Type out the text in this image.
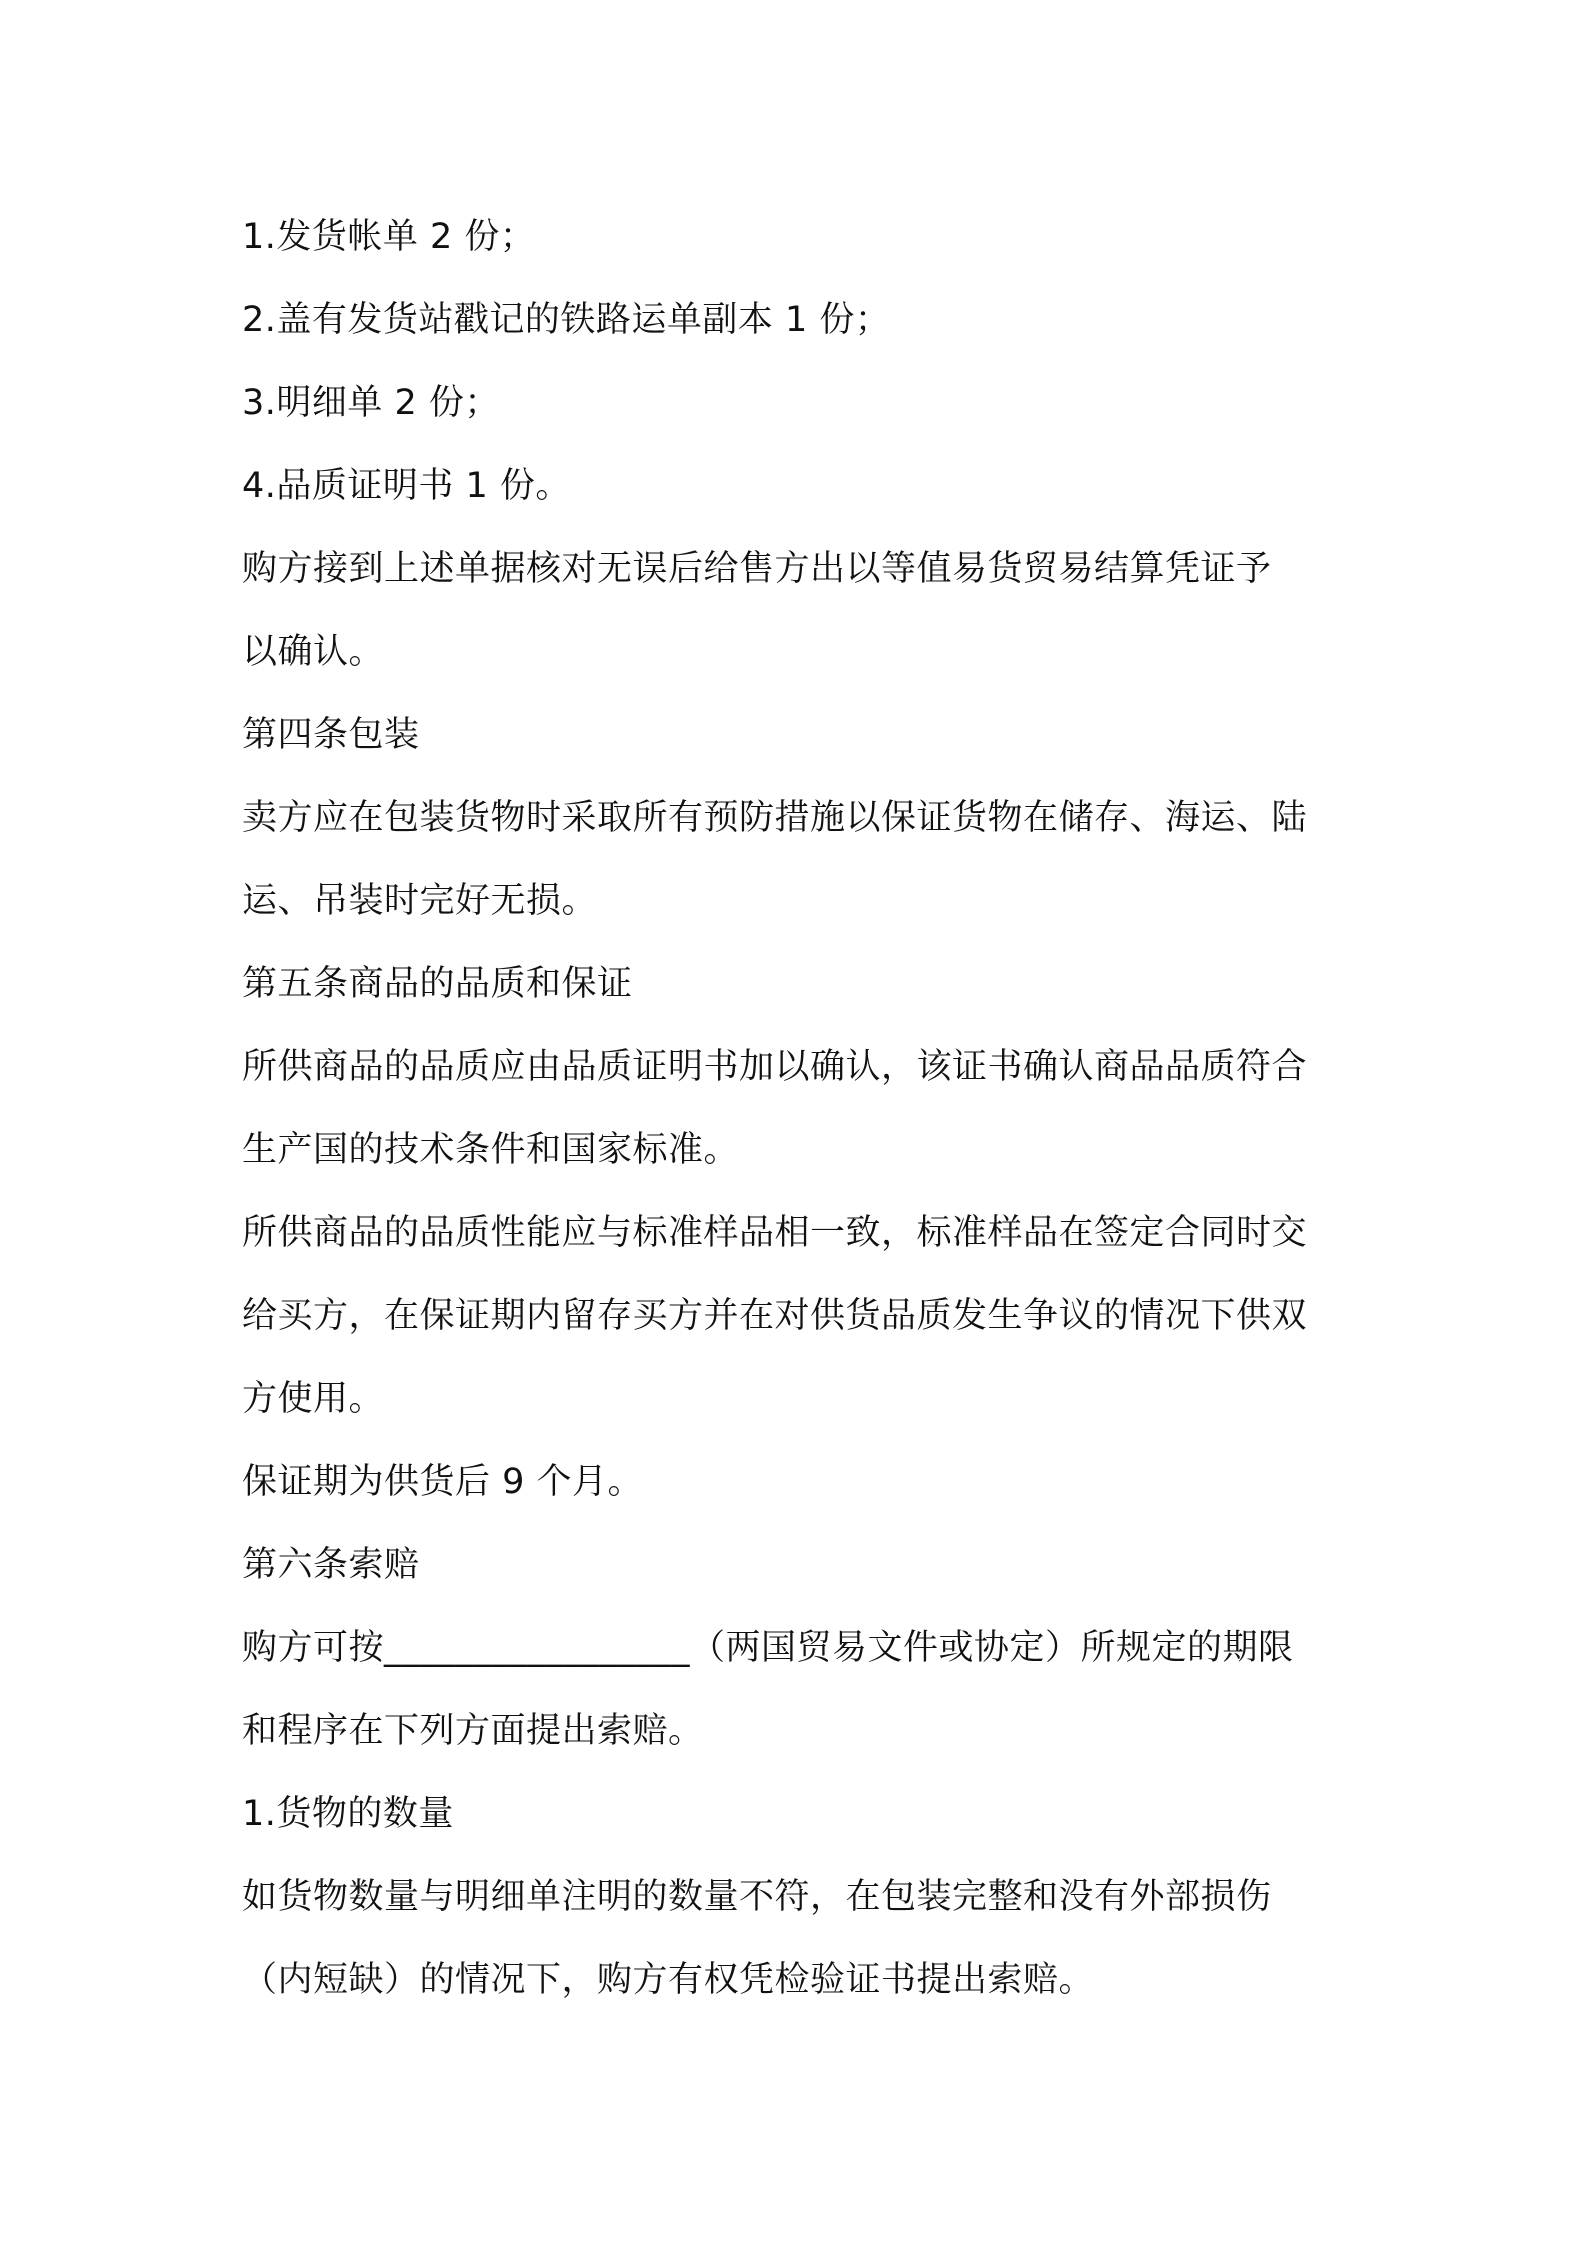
1.发货帐单 2 份；
2.盖有发货站戳记的铁路运单副本 1 份；
3.明细单 2 份；
4.品质证明书 1 份。
购方接到上述单据核对无误后给售方出以等值易货贸易结算凭证予
以确认。
第四条包装
卖方应在包装货物时采取所有预防措施以保证货物在储存、海运、陆
运、吊装时完好无损。
第五条商品的品质和保证
所供商品的品质应由品质证明书加以确认，该证书确认商品品质符合
生产国的技术条件和国家标准。
所供商品的品质性能应与标准样品相一致，标准样品在签定合同时交
给买方，在保证期内留存买方并在对供货品质发生争议的情况下供双
方使用。
保证期为供货后 9 个月。
第六条索赔
购方可按_________________（两国贸易文件或协定）所规定的期限
和程序在下列方面提出索赔。
1.货物的数量
如货物数量与明细单注明的数量不符，在包装完整和没有外部损伤
（内短缺）的情况下，购方有权凭检验证书提出索赔。
